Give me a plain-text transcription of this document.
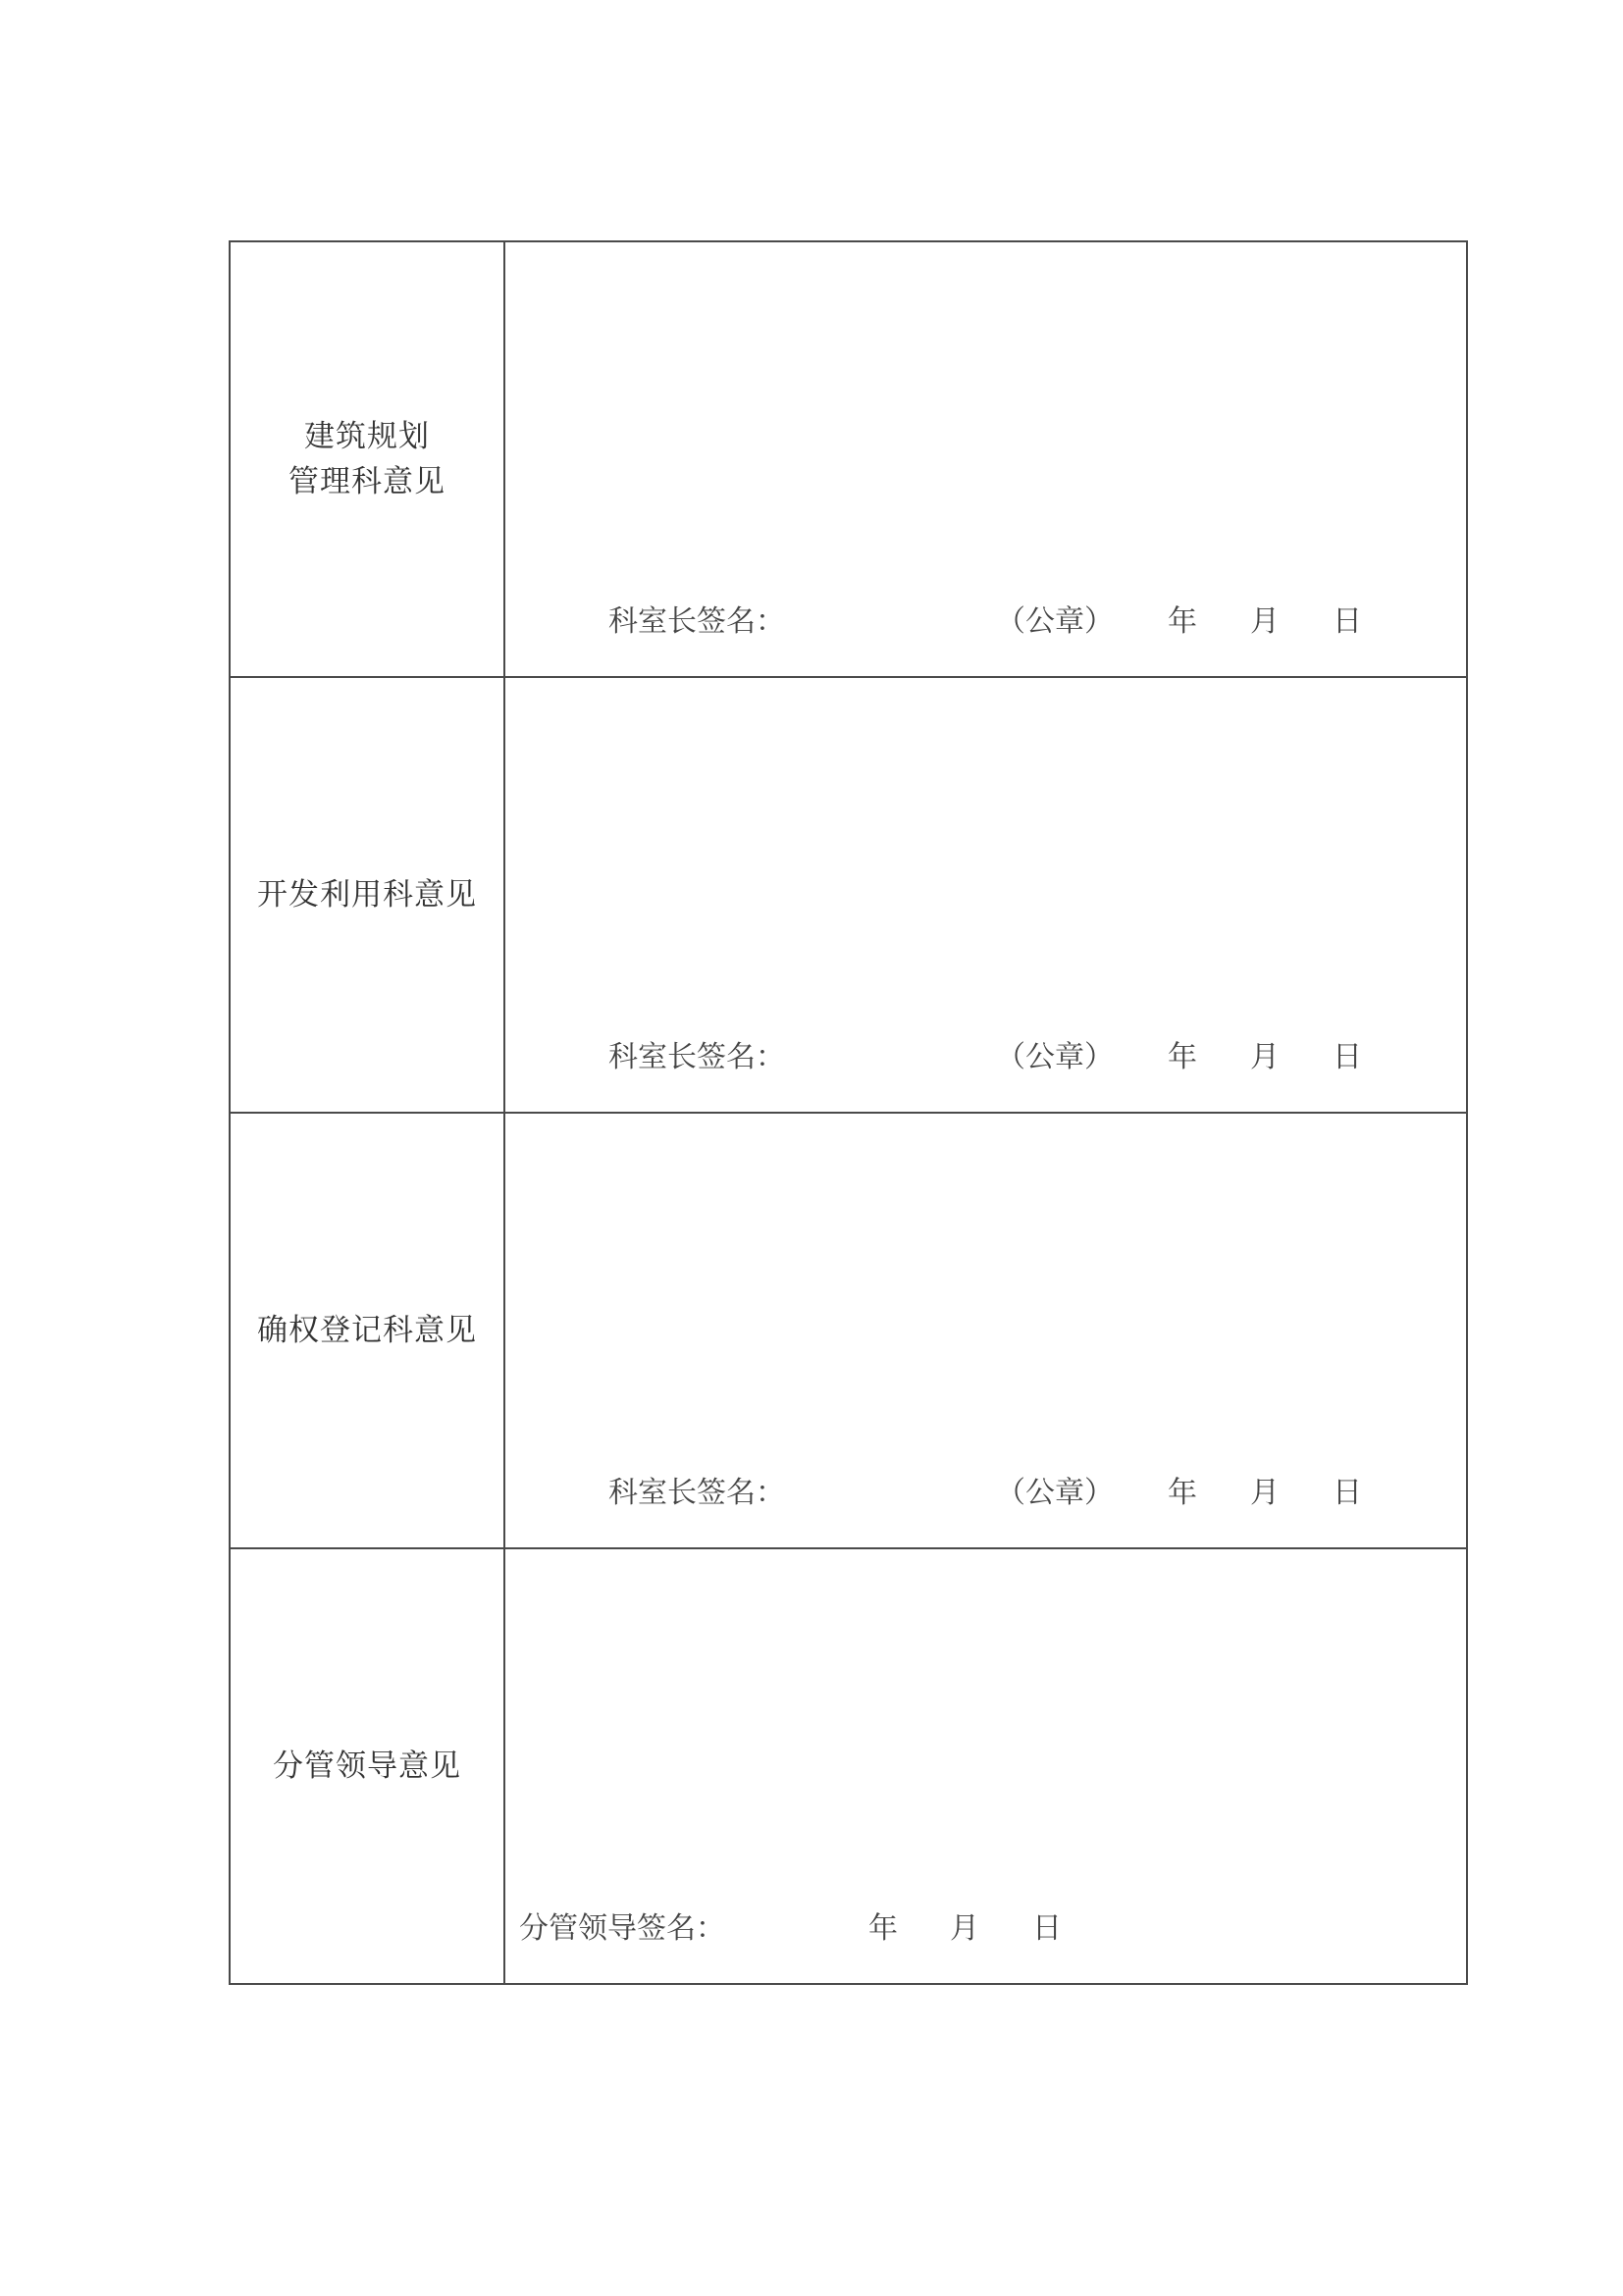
建筑规划
管理科意见
科室长签名：	（公章） 年 月 日
开发利用科意见
科室长签名：	（公章） 年 月 日
确权登记科意见
科室长签名：	（公章） 年 月 日
分管领导意见
分管领导签名：	年 月 日
